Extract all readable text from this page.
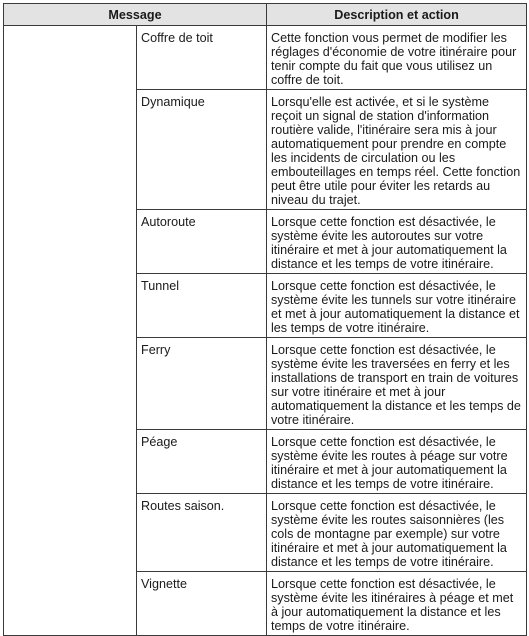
Message		Description et action
	Coffre de toit	Cette fonction vous permet de modifier les réglages d'économie de votre itinéraire pour tenir compte du fait que vous utilisez un coffre de toit.
	Dynamique	Lorsqu'elle est activée, et si le système reçoit un signal de station d'information routière valide, l'itinéraire sera mis à jour automatiquement pour prendre en compte les incidents de circulation ou les embouteillages en temps réel. Cette fonction peut être utile pour éviter les retards au niveau du trajet.
	Autoroute	Lorsque cette fonction est désactivée, le système évite les autoroutes sur votre itinéraire et met à jour automatiquement la distance et les temps de votre itinéraire.
	Tunnel	Lorsque cette fonction est désactivée, le système évite les tunnels sur votre itinéraire et met à jour automatiquement la distance et les temps de votre itinéraire.
	Ferry	Lorsque cette fonction est désactivée, le système évite les traversées en ferry et les installations de transport en train de voitures sur votre itinéraire et met à jour automatiquement la distance et les temps de votre itinéraire.
	Péage	Lorsque cette fonction est désactivée, le système évite les routes à péage sur votre itinéraire et met à jour automatiquement la distance et les temps de votre itinéraire.
	Routes saison.	Lorsque cette fonction est désactivée, le système évite les routes saisonnières (les cols de montagne par exemple) sur votre itinéraire et met à jour automatiquement la distance et les temps de votre itinéraire.
	Vignette	Lorsque cette fonction est désactivée, le système évite les itinéraires à péage et met à jour automatiquement la distance et les temps de votre itinéraire.
